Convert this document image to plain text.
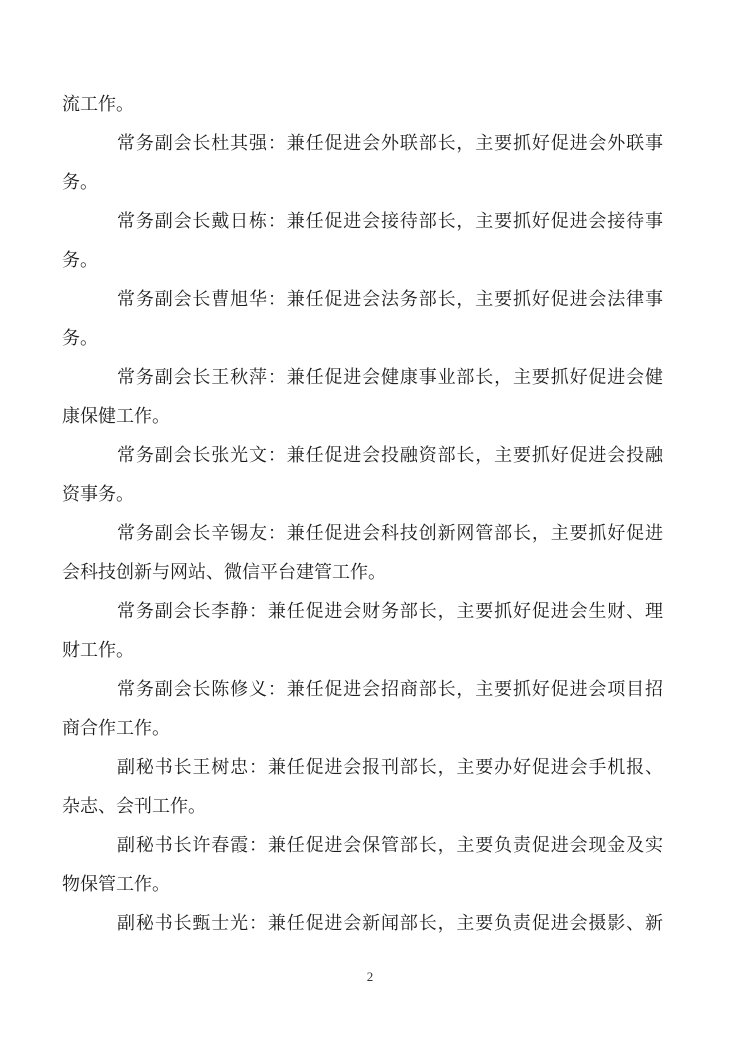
流工作。
常务副会长杜其强：兼任促进会外联部长，主要抓好促进会外联事
务。
常务副会长戴日栋：兼任促进会接待部长，主要抓好促进会接待事
务。
常务副会长曹旭华：兼任促进会法务部长，主要抓好促进会法律事
务。
常务副会长王秋萍：兼任促进会健康事业部长，主要抓好促进会健
康保健工作。
常务副会长张光文：兼任促进会投融资部长，主要抓好促进会投融
资事务。
常务副会长辛锡友：兼任促进会科技创新网管部长，主要抓好促进
会科技创新与网站、微信平台建管工作。
常务副会长李静：兼任促进会财务部长，主要抓好促进会生财、理
财工作。
常务副会长陈修义：兼任促进会招商部长，主要抓好促进会项目招
商合作工作。
副秘书长王树忠：兼任促进会报刊部长，主要办好促进会手机报、
杂志、会刊工作。
副秘书长许春霞：兼任促进会保管部长，主要负责促进会现金及实
物保管工作。
副秘书长甄士光：兼任促进会新闻部长，主要负责促进会摄影、新
2
